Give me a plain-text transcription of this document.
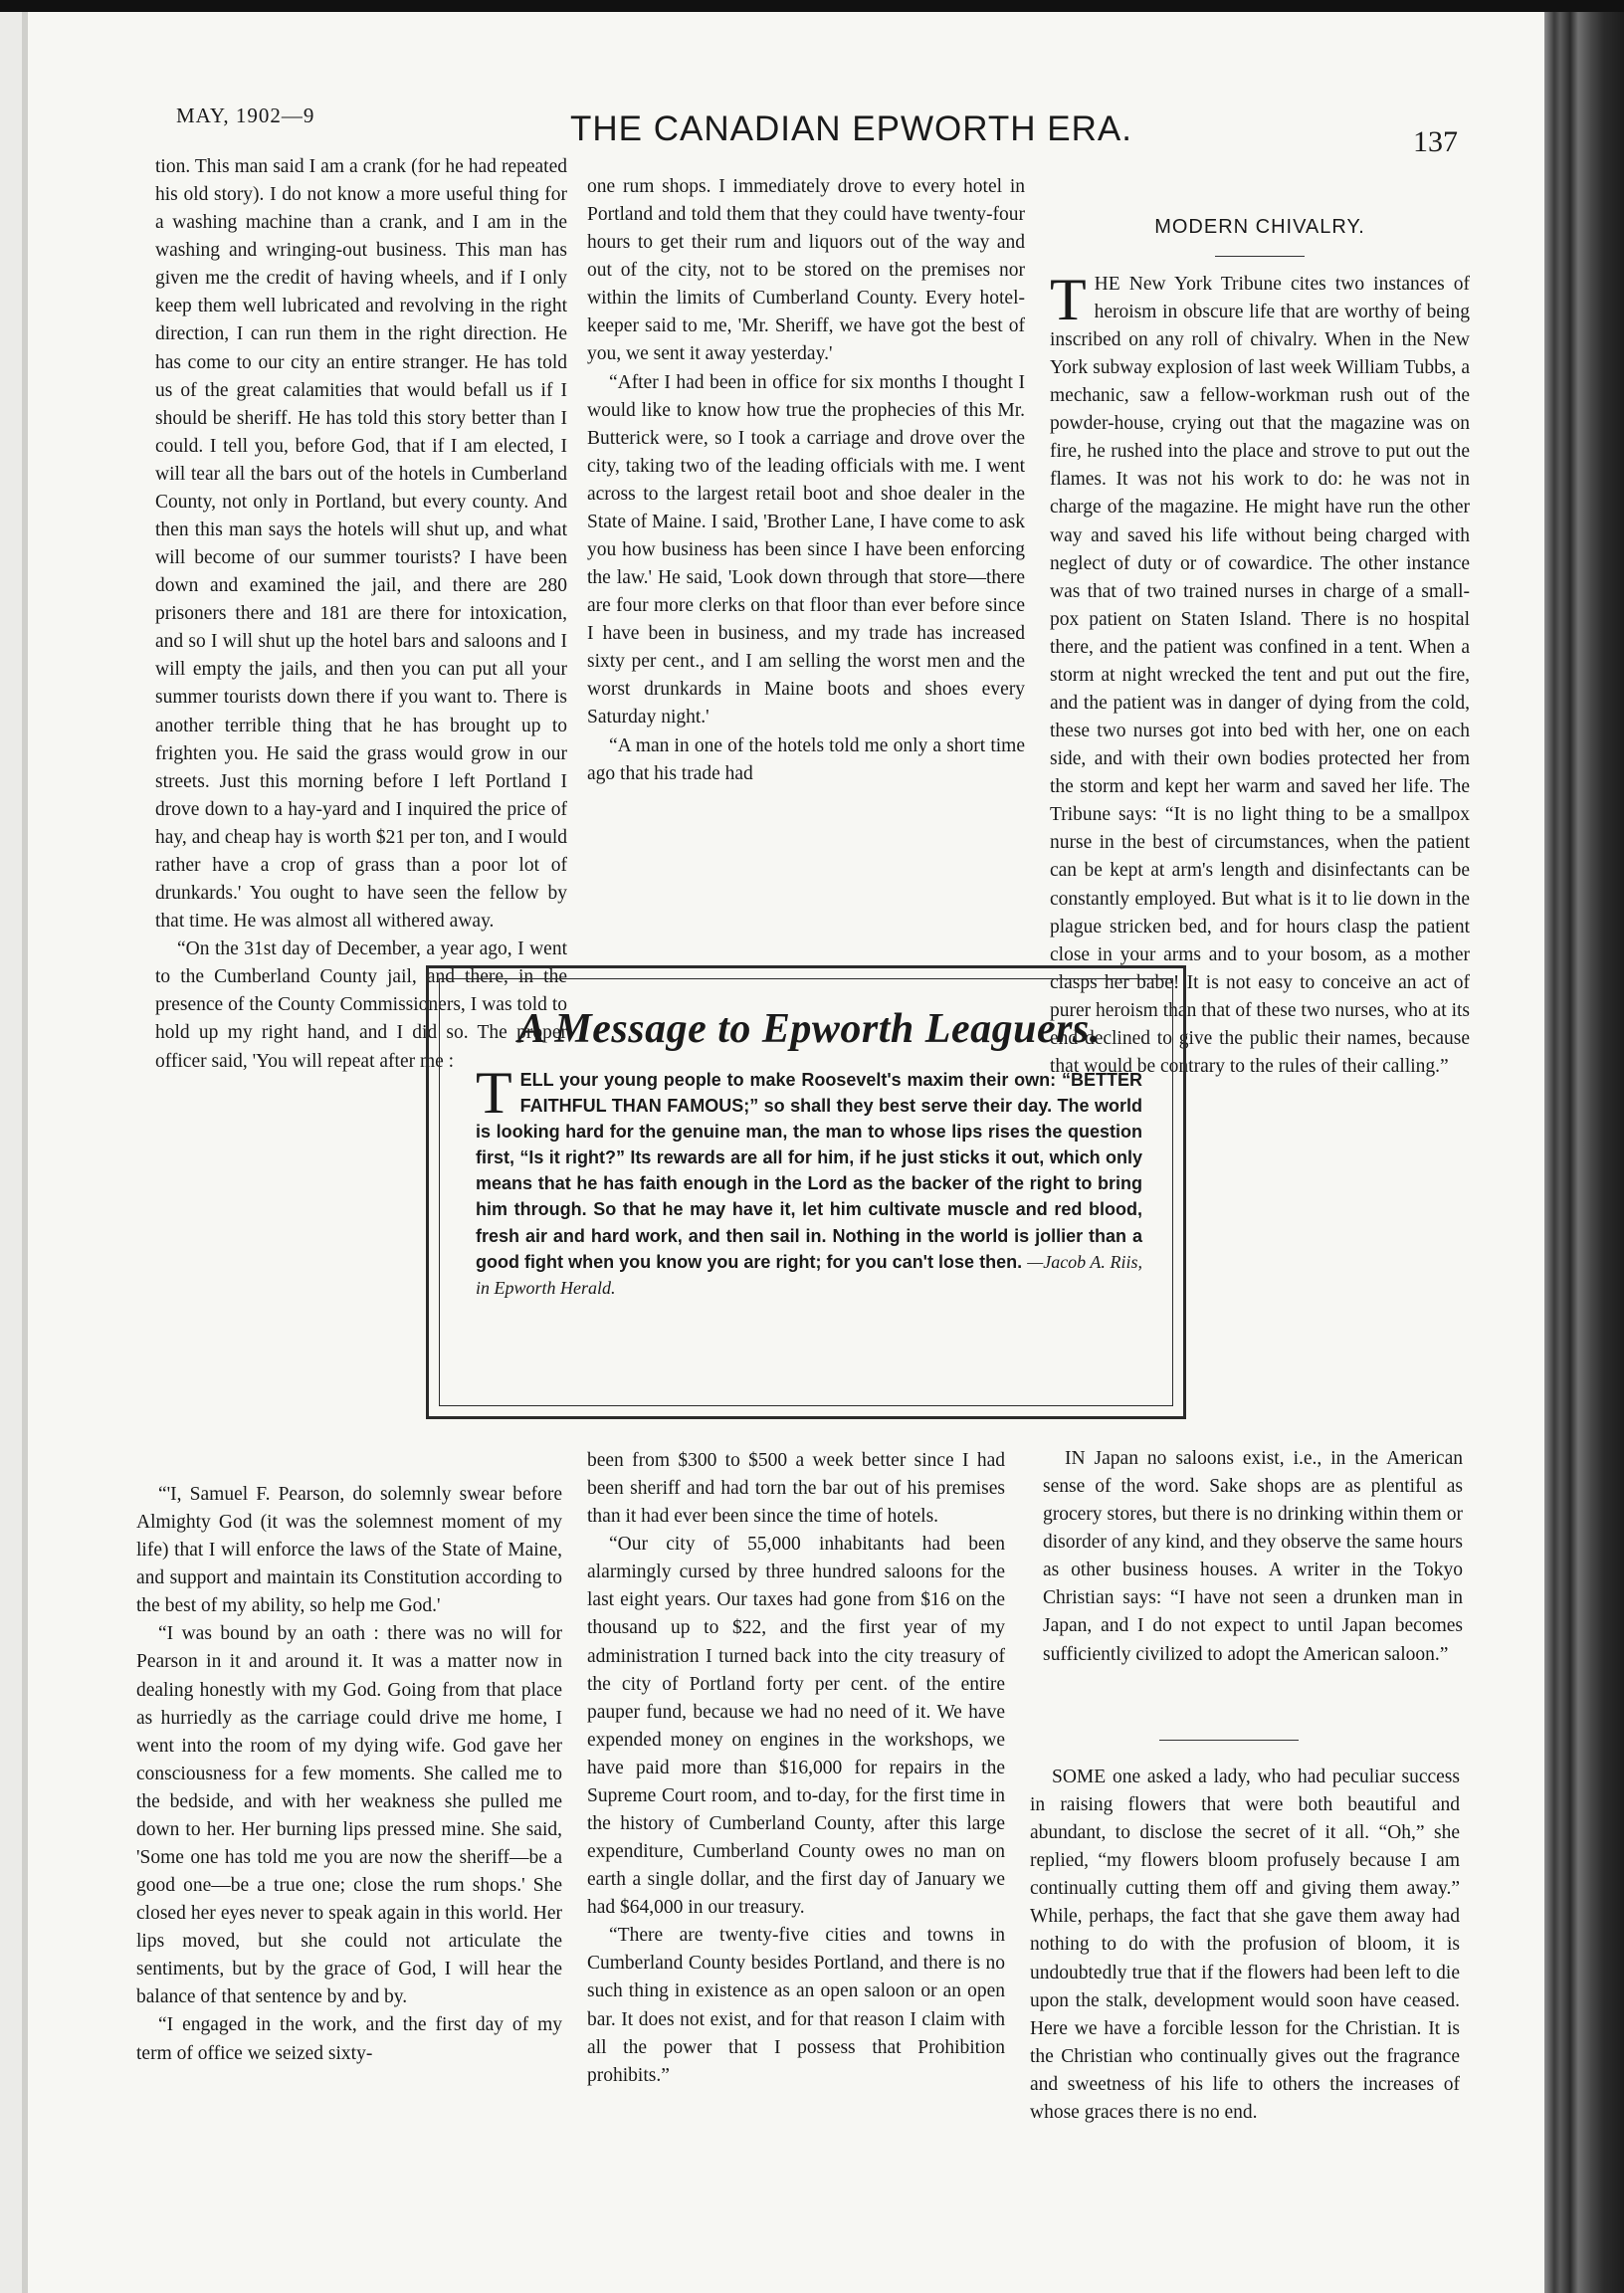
MAY, 1902—9	THE CANADIAN EPWORTH ERA.	137

tion. This man said I am a crank (for he had repeated his old story). I do not know a more useful thing for a washing machine than a crank, and I am in the washing and wringing-out business. This man has given me the credit of having wheels, and if I only keep them well lubricated and revolving in the right direction, I can run them in the right direction. He has come to our city an entire stranger. He has told us of the great calamities that would befall us if I should be sheriff. He has told this story better than I could. I tell you, before God, that if I am elected, I will tear all the bars out of the hotels in Cumberland County, not only in Portland, but every county. And then this man says the hotels will shut up, and what will become of our summer tourists? I have been down and examined the jail, and there are 280 prisoners there and 181 are there for intoxication, and so I will shut up the hotel bars and saloons and I will empty the jails, and then you can put all your summer tourists down there if you want to. There is another terrible thing that he has brought up to frighten you. He said the grass would grow in our streets. Just this morning before I left Portland I drove down to a hay-yard and I inquired the price of hay, and cheap hay is worth $21 per ton, and I would rather have a crop of grass than a poor lot of drunkards.' You ought to have seen the fellow by that time. He was almost all withered away.

“On the 31st day of December, a year ago, I went to the Cumberland County jail, and there, in the presence of the County Commissioners, I was told to hold up my right hand, and I did so. The proper officer said, 'You will repeat after me :

one rum shops. I immediately drove to every hotel in Portland and told them that they could have twenty-four hours to get their rum and liquors out of the way and out of the city, not to be stored on the premises nor within the limits of Cumberland County. Every hotel-keeper said to me, 'Mr. Sheriff, we have got the best of you, we sent it away yesterday.'

“After I had been in office for six months I thought I would like to know how true the prophecies of this Mr. Butterick were, so I took a carriage and drove over the city, taking two of the leading officials with me. I went across to the largest retail boot and shoe dealer in the State of Maine. I said, 'Brother Lane, I have come to ask you how business has been since I have been enforcing the law.' He said, 'Look down through that store—there are four more clerks on that floor than ever before since I have been in business, and my trade has increased sixty per cent., and I am selling the worst men and the worst drunkards in Maine boots and shoes every Saturday night.'

“A man in one of the hotels told me only a short time ago that his trade had

MODERN CHIVALRY.

THE New York Tribune cites two instances of heroism in obscure life that are worthy of being inscribed on any roll of chivalry. When in the New York subway explosion of last week William Tubbs, a mechanic, saw a fellow-workman rush out of the powder-house, crying out that the magazine was on fire, he rushed into the place and strove to put out the flames. It was not his work to do: he was not in charge of the magazine. He might have run the other way and saved his life without being charged with neglect of duty or of cowardice. The other instance was that of two trained nurses in charge of a small-pox patient on Staten Island. There is no hospital there, and the patient was confined in a tent. When a storm at night wrecked the tent and put out the fire, and the patient was in danger of dying from the cold, these two nurses got into bed with her, one on each side, and with their own bodies protected her from the storm and kept her warm and saved her life. The Tribune says: “It is no light thing to be a smallpox nurse in the best of circumstances, when the patient can be kept at arm's length and disinfectants can be constantly employed. But what is it to lie down in the plague stricken bed, and for hours clasp the patient close in your arms and to your bosom, as a mother clasps her babe! It is not easy to conceive an act of purer heroism than that of these two nurses, who at its end declined to give the public their names, because that would be contrary to the rules of their calling.”

A Message to Epworth Leaguers.
TELL your young people to make Roosevelt's maxim their own: “BETTER FAITHFUL THAN FAMOUS;” so shall they best serve their day. The world is looking hard for the genuine man, the man to whose lips rises the question first, “Is it right?” Its rewards are all for him, if he just sticks it out, which only means that he has faith enough in the Lord as the backer of the right to bring him through. So that he may have it, let him cultivate muscle and red blood, fresh air and hard work, and then sail in. Nothing in the world is jollier than a good fight when you know you are right; for you can't lose then. —Jacob A. Riis, in Epworth Herald.

“'I, Samuel F. Pearson, do solemnly swear before Almighty God (it was the solemnest moment of my life) that I will enforce the laws of the State of Maine, and support and maintain its Constitution according to the best of my ability, so help me God.'

“I was bound by an oath : there was no will for Pearson in it and around it. It was a matter now in dealing honestly with my God. Going from that place as hurriedly as the carriage could drive me home, I went into the room of my dying wife. God gave her consciousness for a few moments. She called me to the bedside, and with her weakness she pulled me down to her. Her burning lips pressed mine. She said, 'Some one has told me you are now the sheriff—be a good one—be a true one; close the rum shops.' She closed her eyes never to speak again in this world. Her lips moved, but she could not articulate the sentiments, but by the grace of God, I will hear the balance of that sentence by and by.

“I engaged in the work, and the first day of my term of office we seized sixty-

been from $300 to $500 a week better since I had been sheriff and had torn the bar out of his premises than it had ever been since the time of hotels.

“Our city of 55,000 inhabitants had been alarmingly cursed by three hundred saloons for the last eight years. Our taxes had gone from $16 on the thousand up to $22, and the first year of my administration I turned back into the city treasury of the city of Portland forty per cent. of the entire pauper fund, because we had no need of it. We have expended money on engines in the workshops, we have paid more than $16,000 for repairs in the Supreme Court room, and to-day, for the first time in the history of Cumberland County, after this large expenditure, Cumberland County owes no man on earth a single dollar, and the first day of January we had $64,000 in our treasury.

“There are twenty-five cities and towns in Cumberland County besides Portland, and there is no such thing in existence as an open saloon or an open bar. It does not exist, and for that reason I claim with all the power that I possess that Prohibition prohibits.”

IN Japan no saloons exist, i.e., in the American sense of the word. Sake shops are as plentiful as grocery stores, but there is no drinking within them or disorder of any kind, and they observe the same hours as other business houses. A writer in the Tokyo Christian says: “I have not seen a drunken man in Japan, and I do not expect to until Japan becomes sufficiently civilized to adopt the American saloon.”

SOME one asked a lady, who had peculiar success in raising flowers that were both beautiful and abundant, to disclose the secret of it all. “Oh,” she replied, “my flowers bloom profusely because I am continually cutting them off and giving them away.” While, perhaps, the fact that she gave them away had nothing to do with the profusion of bloom, it is undoubtedly true that if the flowers had been left to die upon the stalk, development would soon have ceased. Here we have a forcible lesson for the Christian. It is the Christian who continually gives out the fragrance and sweetness of his life to others the increases of whose graces there is no end.
